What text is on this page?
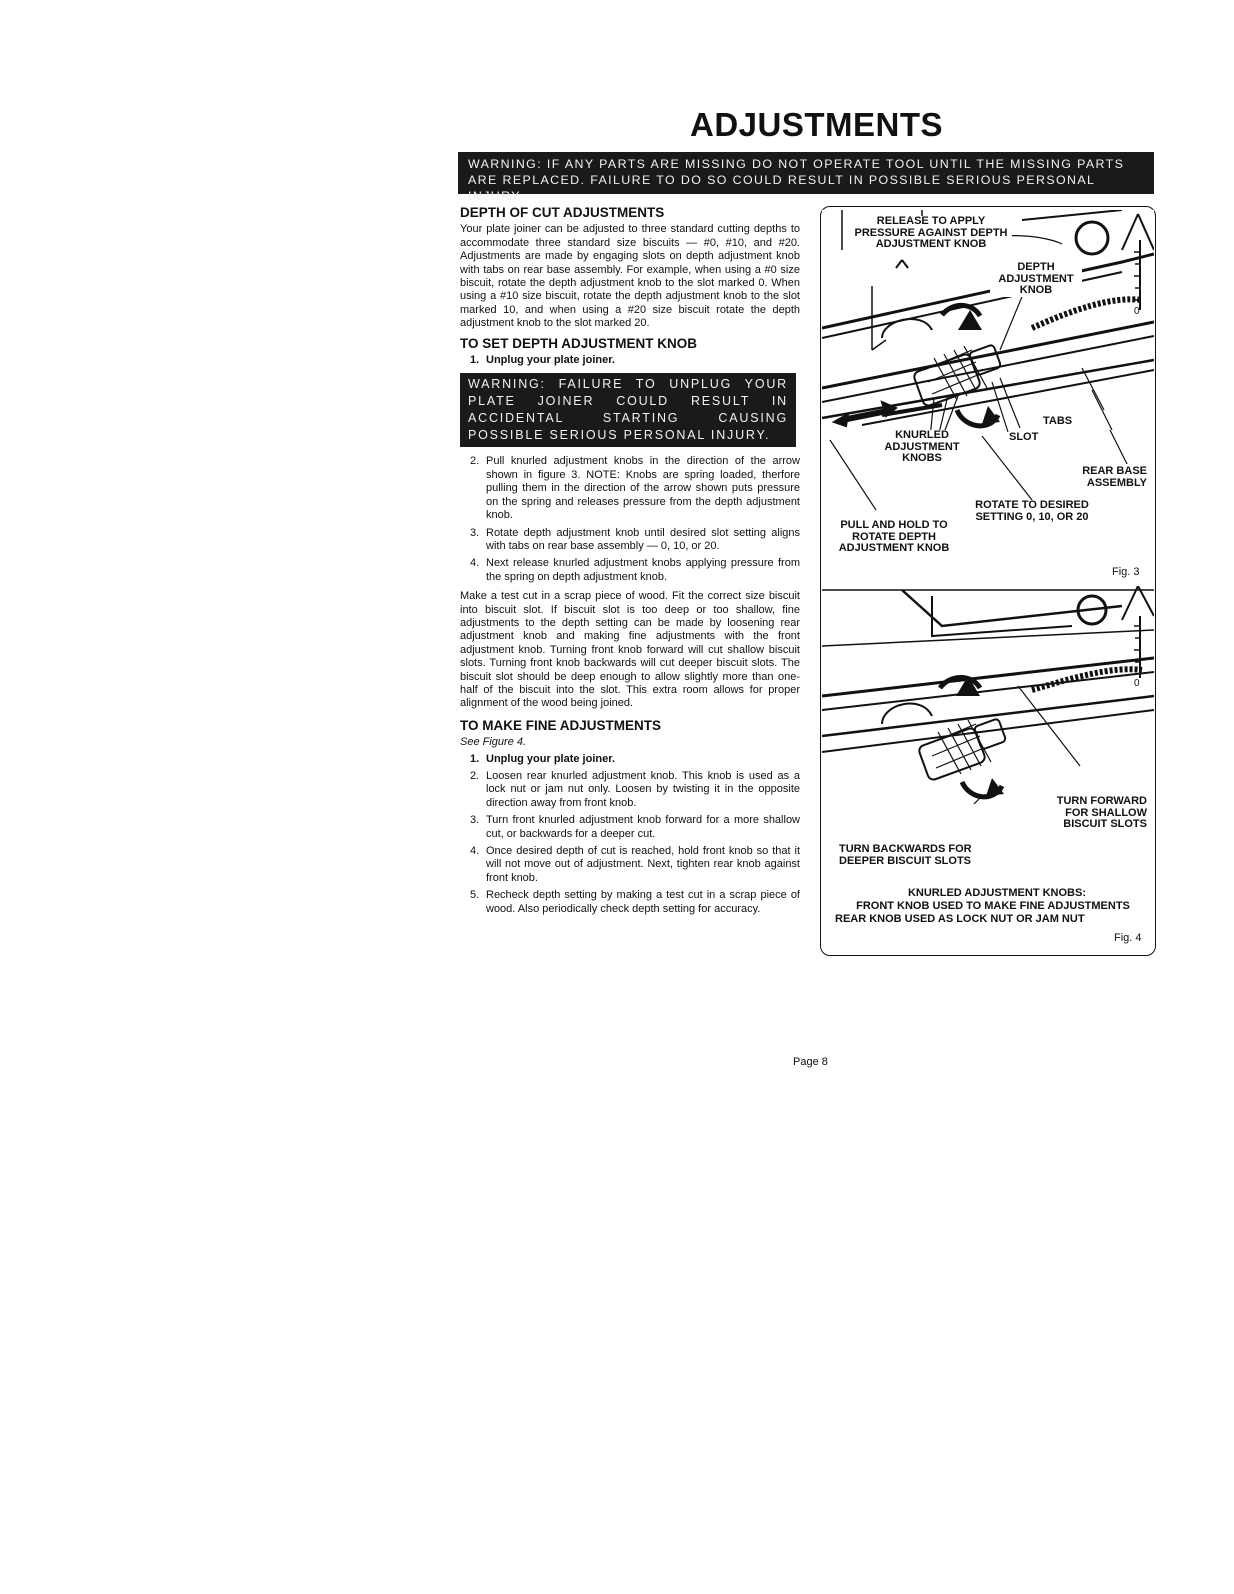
ADJUSTMENTS
WARNING: IF ANY PARTS ARE MISSING DO NOT OPERATE TOOL UNTIL THE MISSING PARTS ARE REPLACED. FAILURE TO DO SO COULD RESULT IN POSSIBLE SERIOUS PERSONAL INJURY.
DEPTH OF CUT ADJUSTMENTS

Your plate joiner can be adjusted to three standard cutting depths to accommodate three standard size biscuits — #0, #10, and #20. Adjustments are made by engaging slots on depth adjustment knob with tabs on rear base assembly. For example, when using a #0 size biscuit, rotate the depth adjustment knob to the slot marked 0. When using a #10 size biscuit, rotate the depth adjustment knob to the slot marked 10, and when using a #20 size biscuit rotate the depth adjustment knob to the slot marked 20.

TO SET DEPTH ADJUSTMENT KNOB
1. Unplug your plate joiner.
WARNING: FAILURE TO UNPLUG YOUR PLATE JOINER COULD RESULT IN ACCIDENTAL STARTING CAUSING POSSIBLE SERIOUS PERSONAL INJURY.
2. Pull knurled adjustment knobs in the direction of the arrow shown in figure 3. NOTE: Knobs are spring loaded, therfore pulling them in the direction of the arrow shown puts pressure on the spring and releases pressure from the depth adjustment knob.
3. Rotate depth adjustment knob until desired slot setting aligns with tabs on rear base assembly — 0, 10, or 20.
4. Next release knurled adjustment knobs applying pressure from the spring on depth adjustment knob.

Make a test cut in a scrap piece of wood. Fit the correct size biscuit into biscuit slot. If biscuit slot is too deep or too shallow, fine adjustments to the depth setting can be made by loosening rear adjustment knob and making fine adjustments with the front adjustment knob. Turning front knob forward will cut shallow biscuit slots. Turning front knob backwards will cut deeper biscuit slots. The biscuit slot should be deep enough to allow slightly more than one-half of the biscuit into the slot. This extra room allows for proper alignment of the wood being joined.

TO MAKE FINE ADJUSTMENTS

See Figure 4.

1. Unplug your plate joiner.
2. Loosen rear knurled adjustment knob. This knob is used as a lock nut or jam nut only. Loosen by twisting it in the opposite direction away from front knob.
3. Turn front knurled adjustment knob forward for a more shallow cut, or backwards for a deeper cut.
4. Once desired depth of cut is reached, hold front knob so that it will not move out of adjustment. Next, tighten rear knob against front knob.
5. Recheck depth setting by making a test cut in a scrap piece of wood. Also periodically check depth setting for accuracy.
0
RELEASE TO APPLY PRESSURE AGAINST DEPTH ADJUSTMENT KNOB
DEPTH ADJUSTMENT KNOB
TABS
SLOT
KNURLED ADJUSTMENT KNOBS
REAR BASE ASSEMBLY
ROTATE TO DESIRED SETTING 0, 10, OR 20
PULL AND HOLD TO ROTATE DEPTH ADJUSTMENT KNOB
Fig. 3
0
TURN FORWARD FOR SHALLOW BISCUIT SLOTS
TURN BACKWARDS FOR DEEPER BISCUIT SLOTS
KNURLED ADJUSTMENT KNOBS:
FRONT KNOB USED TO MAKE FINE ADJUSTMENTS
REAR KNOB USED AS LOCK NUT OR JAM NUT
Fig. 4
Page 8
